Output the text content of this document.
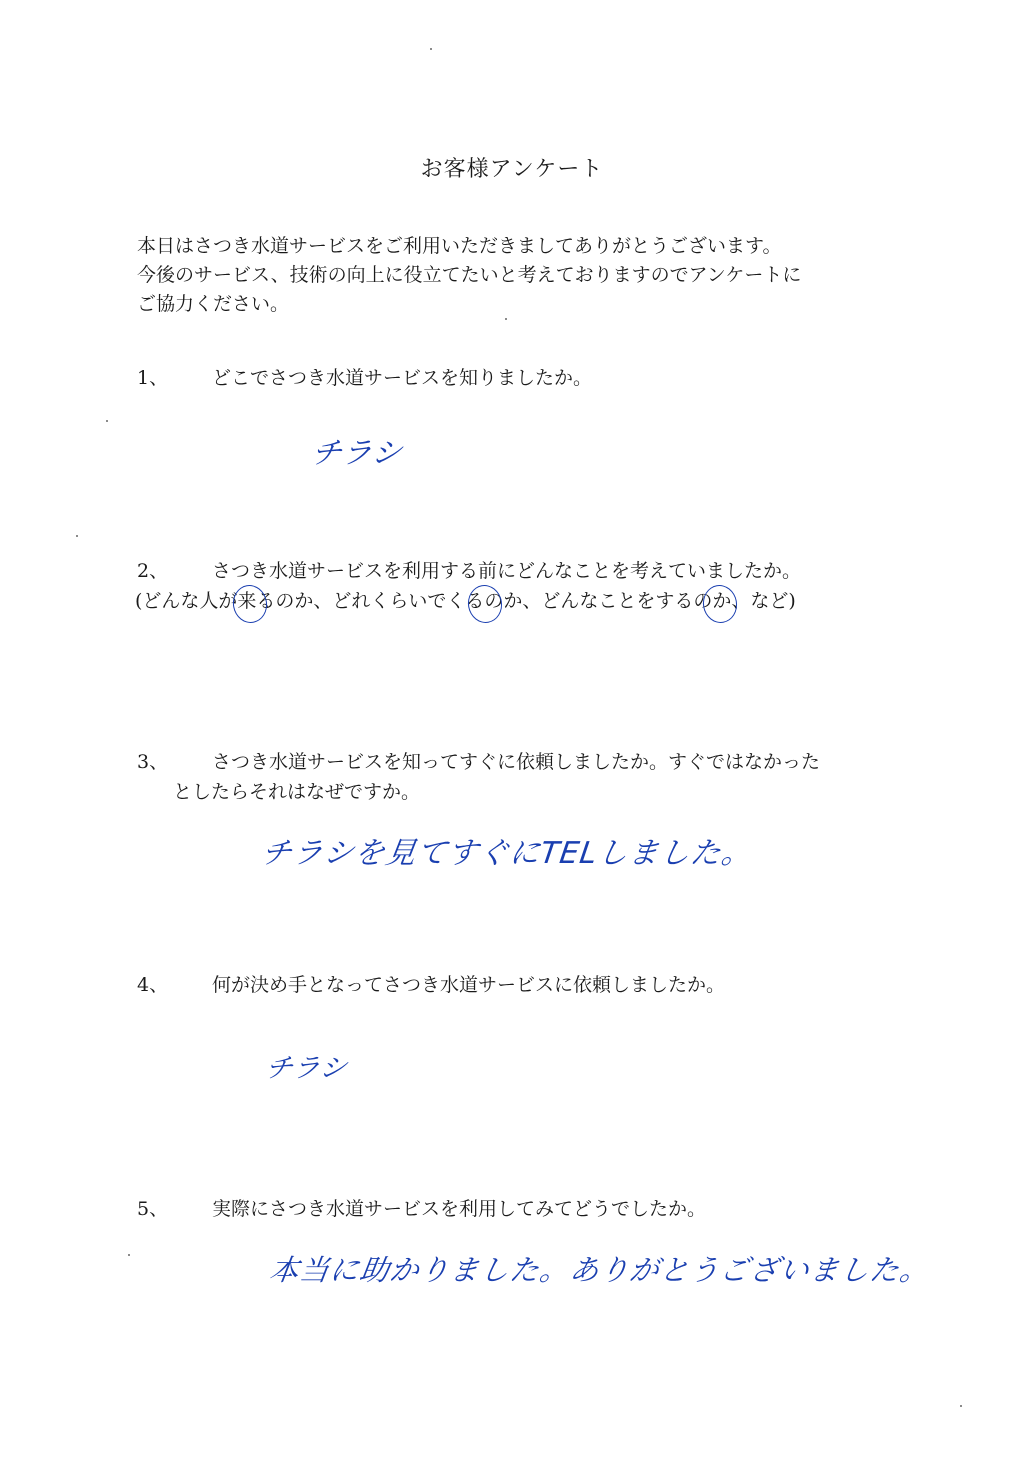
お客様アンケート
本日はさつき水道サービスをご利用いただきましてありがとうございます。
今後のサービス、技術の向上に役立てたいと考えておりますのでアンケートに
ご協力ください。
1、	どこでさつき水道サービスを知りましたか。
チラシ
2、	さつき水道サービスを利用する前にどんなことを考えていましたか。
(どんな人が来るのか、どれくらいでくるのか、どんなことをするのか、など)
3、	さつき水道サービスを知ってすぐに依頼しましたか。すぐではなかった
としたらそれはなぜですか。
チラシを見てすぐにTELしました。
4、	何が決め手となってさつき水道サービスに依頼しましたか。
チラシ
5、	実際にさつき水道サービスを利用してみてどうでしたか。
本当に助かりました。ありがとうございました。
